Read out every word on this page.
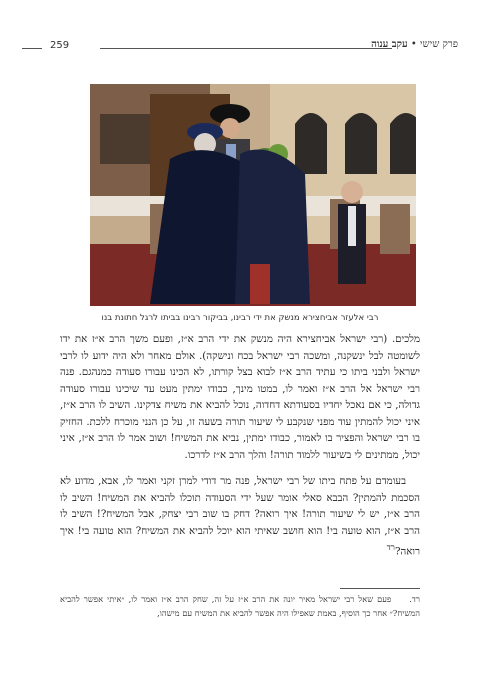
259	פרק שישי • עקב ענוה
רבי אלעזר אביחצירא מנשק את ידי רבינו, בביקור רבינו בביתו לרגל חתונת בנו

מלכים. (רבי ישראל אביחצירא היה מנשק את ידי הרב א״ז, ופעם משך הרב א״ז את ידו לשומטה לבל ינשקנה, ומשכה רבי ישראל בכח ונישקה). אולם מאחר ולא היה ידוע לו לרבי ישראל ולבני ביתו כי עתיד הרב א״ז לבוא בצל קורתו, לא הכינו עבורו סעודה כמנהגם. פנה רבי ישראל אל הרב א״ז ואמר לו, במטו מינך, כבודו ימתין מעט עד שיכינו עבורו סעודה גדולה, כי אם נאכל יחדיו בסעודתא דחדוה, נוכל להביא את משיח צדקינו. השיב לו הרב א״ז, איני יכול להמתין עוד מפני שנקבע לי שיעור תורה בשעה זו, על כן הנני מוכרח ללכת. החזיק בו רבי ישראל והפציר בו לאמור, כבודו ימתין, נביא את המשיח! ושוב אמר לו הרב א״ז, איני יכול, ממתינים לי בשיעור ללמוד תורה! והלך הרב א״ז לדרכו.

בעומדם על פתח ביתו של רבי ישראל, פנה מר דודי למרן זקני ואמר לו, אבא, מדוע לא הסכמת להמתין? הבבא סאלי אומר שעל ידי הסעודה תוכלו להביא את המשיח! השיב לו הרב א״ז, יש לי שיעור תורה! איך רואה? דחק בו שוב רבי יצחק, אבל המשיח?! השיב לו הרב א״ז, הוא טועה בי! הוא חושב שאיתי הוא יוכל להביא את המשיח? הוא טועה בי! איך רואה?$^{רד}$

רד. פעם שאל רבי ישראל מאיר יונה את הרב א״ז על זה, שחק הרב א״ז ואמר לו, ״איתי אפשר להביא המשיח?״ אחר כך הוסיף, באמת שאפילו היה אפשר להביא את המשיח עם מישהו,
